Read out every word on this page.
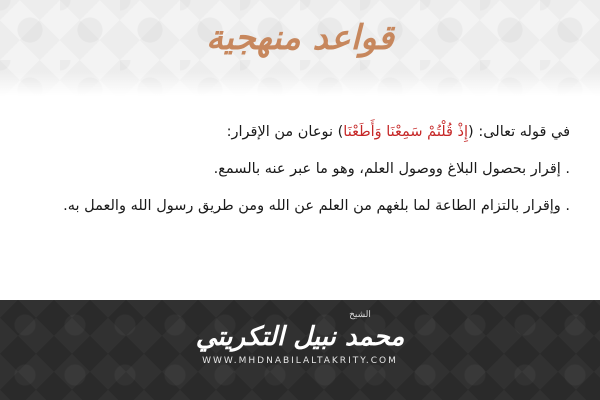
قواعد منهجية

في قوله تعالى: (إِذْ قُلْتُمْ سَمِعْنَا وَأَطَعْنَا) نوعان من الإقرار:

. إقرار بحصول البلاغ ووصول العلم، وهو ما عبر عنه بالسمع.

. وإقرار بالتزام الطاعة لما بلغهم من العلم عن الله ومن طريق رسول الله والعمل به.

الشيخ
محمد نبيل التكريتي
WWW.MHDNABILALTAKRITY.COM
